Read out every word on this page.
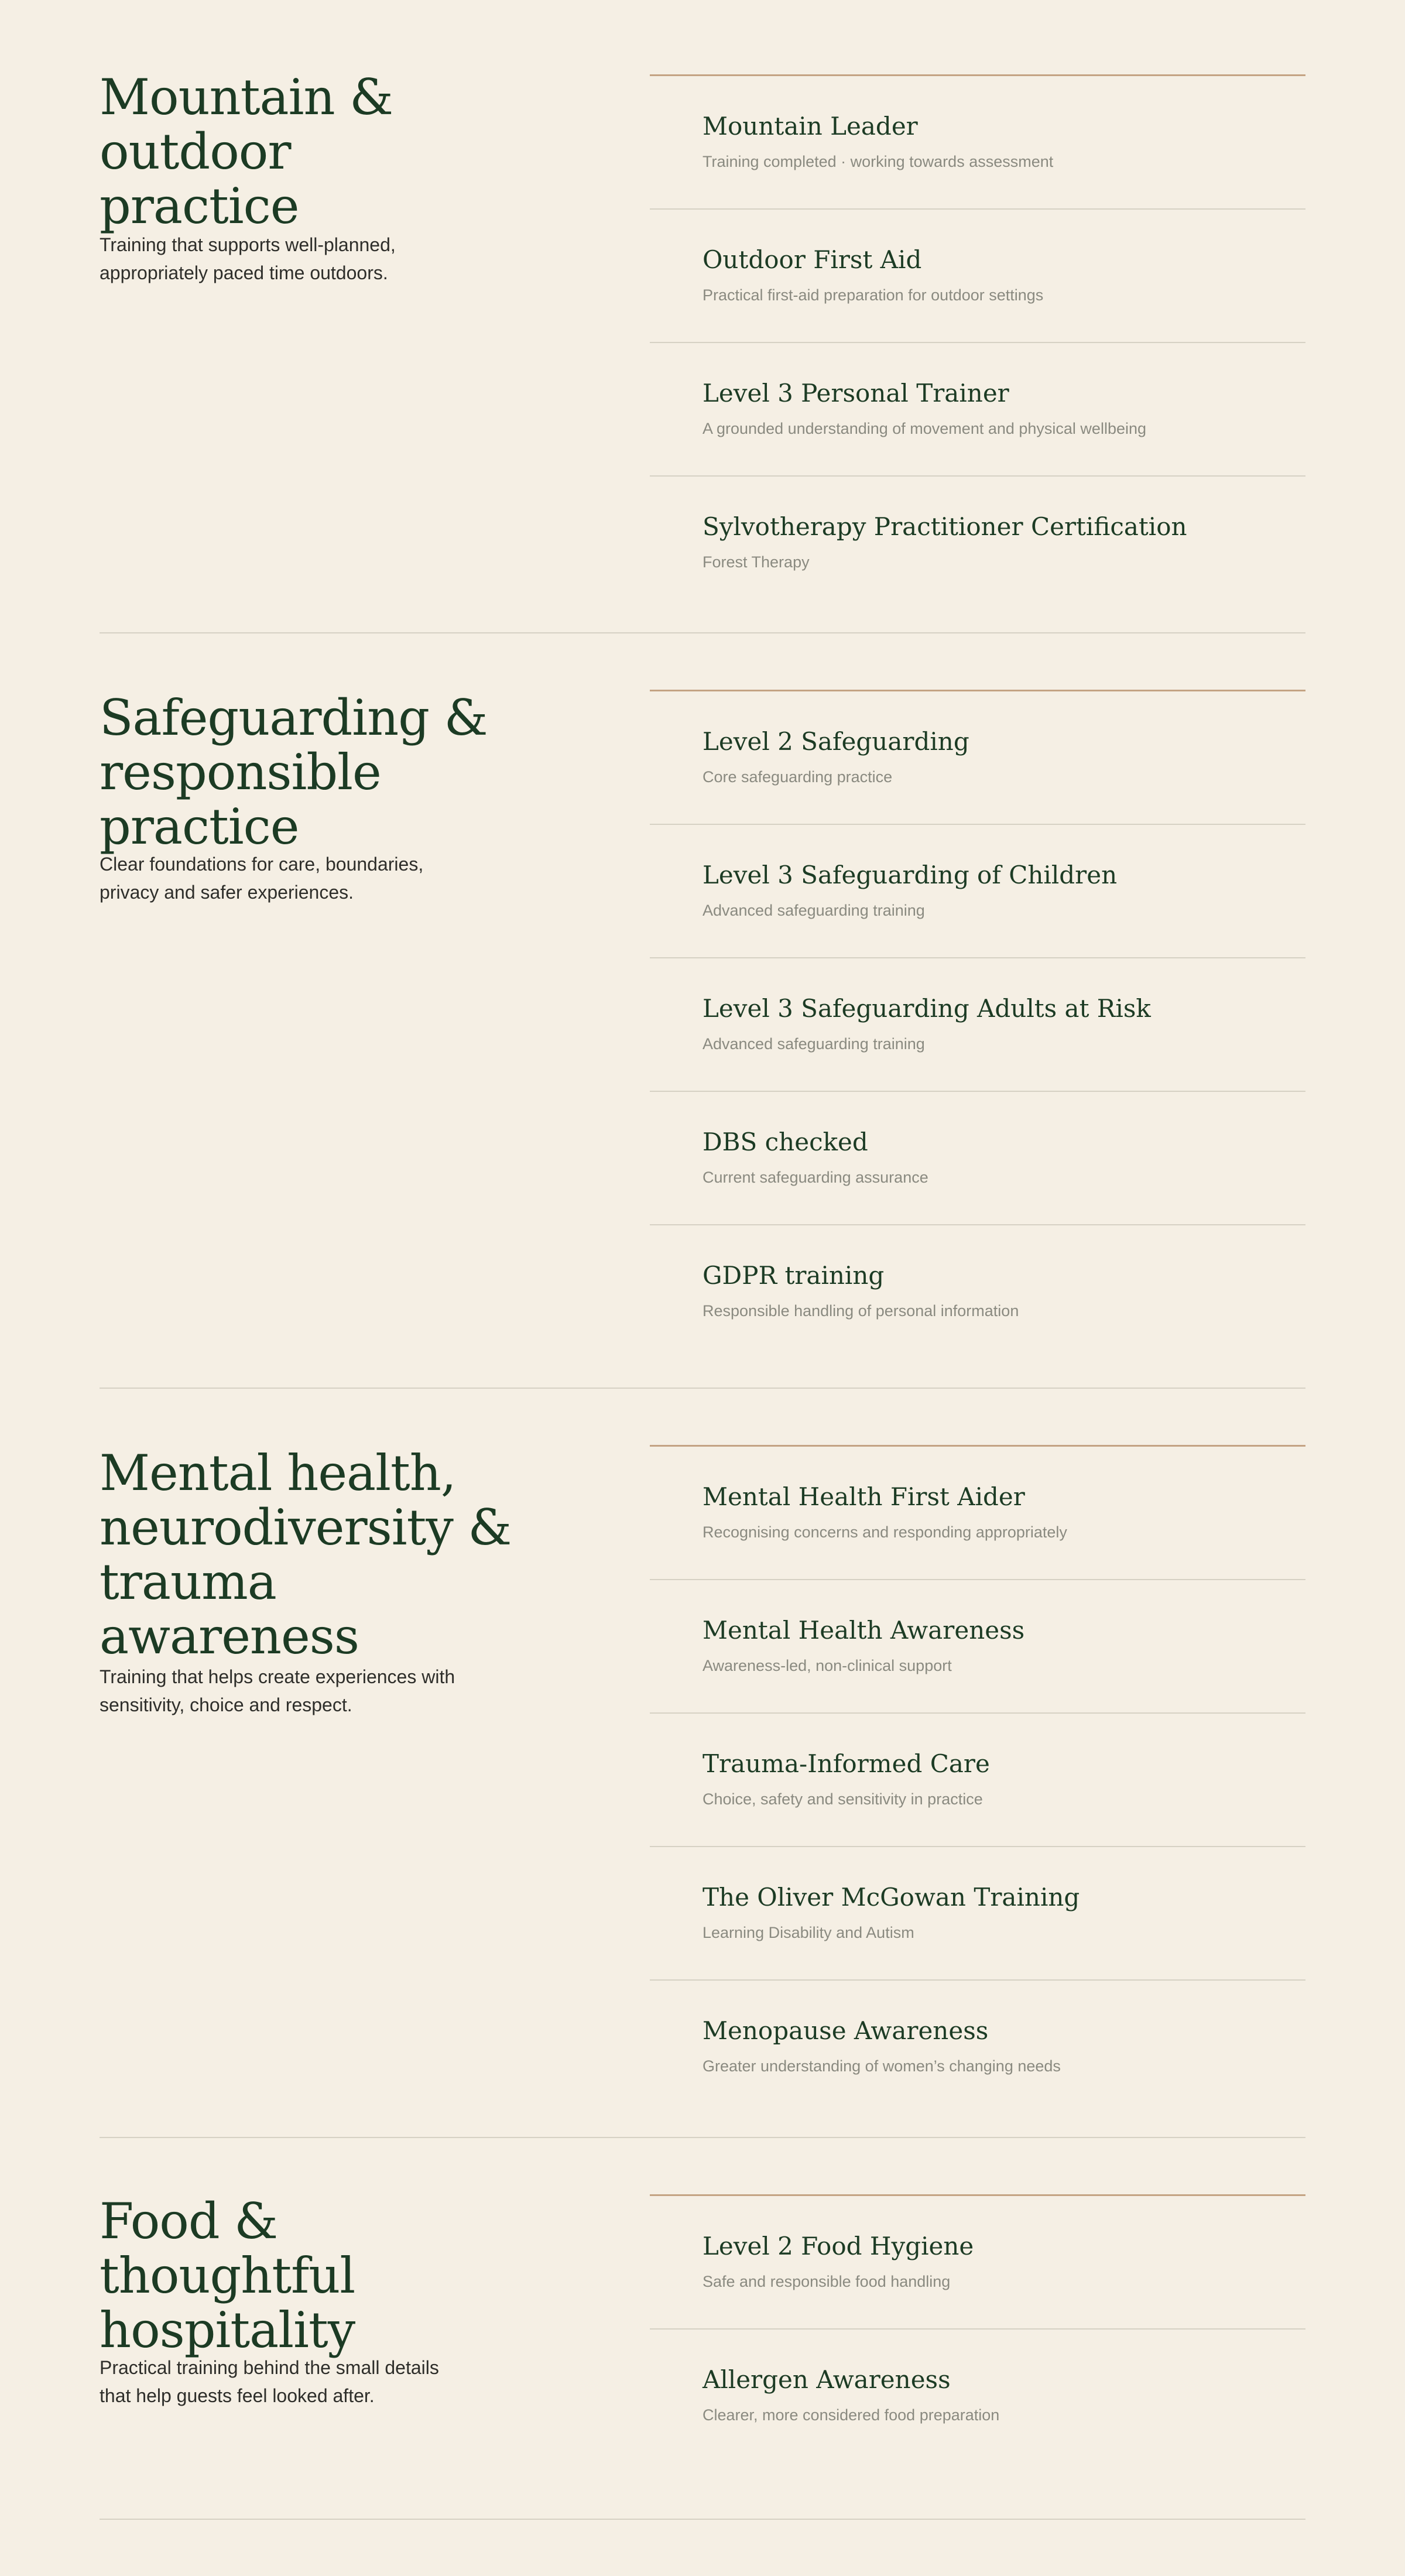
Mountain & outdoor practice

Training that supports well-planned, appropriately paced time outdoors.

Mountain Leader

Training completed · working towards assessment

Outdoor First Aid

Practical first-aid preparation for outdoor settings

Level 3 Personal Trainer

A grounded understanding of movement and physical wellbeing

Sylvotherapy Practitioner Certification

Forest Therapy

Safeguarding & responsible practice

Clear foundations for care, boundaries, privacy and safer experiences.

Level 2 Safeguarding

Core safeguarding practice

Level 3 Safeguarding of Children

Advanced safeguarding training

Level 3 Safeguarding Adults at Risk

Advanced safeguarding training

DBS checked

Current safeguarding assurance

GDPR training

Responsible handling of personal information

Mental health, neurodiversity & trauma awareness

Training that helps create experiences with sensitivity, choice and respect.

Mental Health First Aider

Recognising concerns and responding appropriately

Mental Health Awareness

Awareness-led, non-clinical support

Trauma-Informed Care

Choice, safety and sensitivity in practice

The Oliver McGowan Training

Learning Disability and Autism

Menopause Awareness

Greater understanding of women’s changing needs

Food & thoughtful hospitality

Practical training behind the small details that help guests feel looked after.

Level 2 Food Hygiene

Safe and responsible food handling

Allergen Awareness

Clearer, more considered food preparation
